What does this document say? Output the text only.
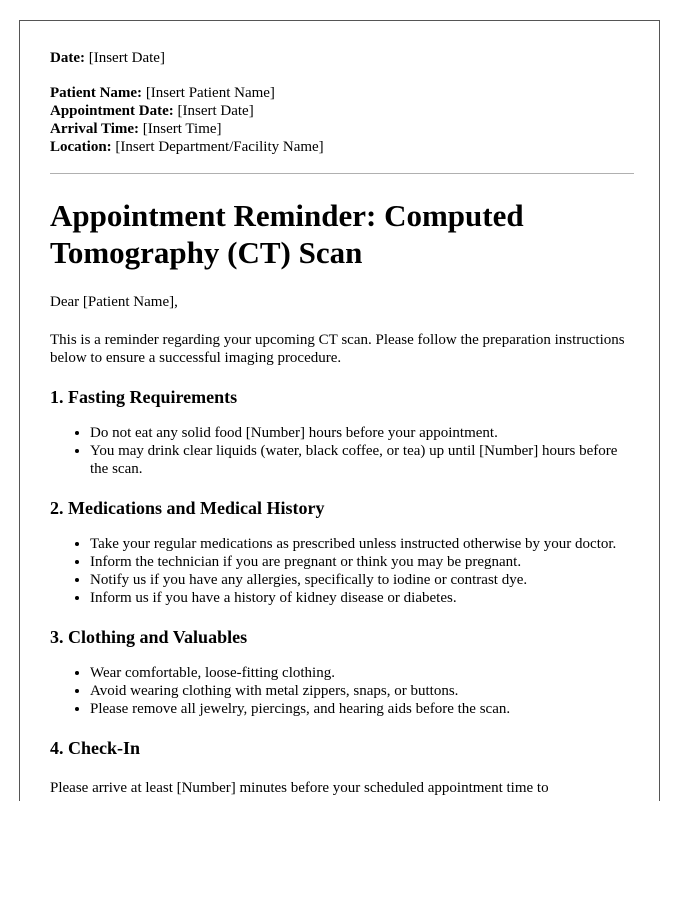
Date: [Insert Date]

Patient Name: [Insert Patient Name]

Appointment Date: [Insert Date]

Arrival Time: [Insert Time]

Location: [Insert Department/Facility Name]

Appointment Reminder: Computed Tomography (CT) Scan

Dear [Patient Name],

This is a reminder regarding your upcoming CT scan. Please follow the preparation instructions below to ensure a successful imaging procedure.

1. Fasting Requirements
• Do not eat any solid food [Number] hours before your appointment.
• You may drink clear liquids (water, black coffee, or tea) up until [Number] hours before the scan.
2. Medications and Medical History
• Take your regular medications as prescribed unless instructed otherwise by your doctor.
• Inform the technician if you are pregnant or think you may be pregnant.
• Notify us if you have any allergies, specifically to iodine or contrast dye.
• Inform us if you have a history of kidney disease or diabetes.
3. Clothing and Valuables
• Wear comfortable, loose-fitting clothing.
• Avoid wearing clothing with metal zippers, snaps, or buttons.
• Please remove all jewelry, piercings, and hearing aids before the scan.
4. Check-In

Please arrive at least [Number] minutes before your scheduled appointment time to
